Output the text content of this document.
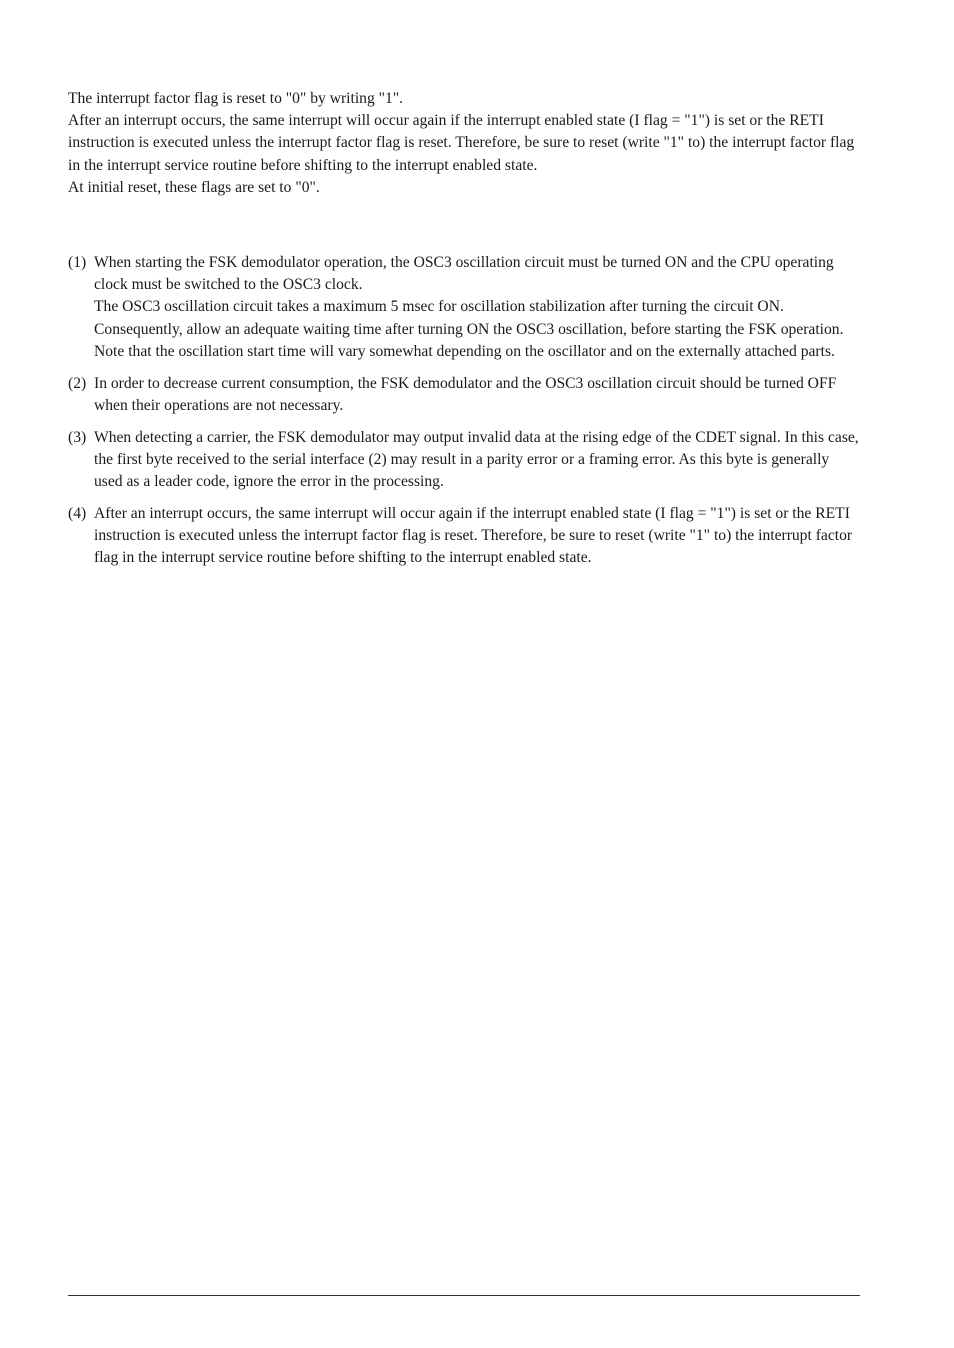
The interrupt factor flag is reset to "0" by writing "1".

After an interrupt occurs, the same interrupt will occur again if the interrupt enabled state (I flag = "1") is set or the RETI instruction is executed unless the interrupt factor flag is reset. Therefore, be sure to reset (write "1" to) the interrupt factor flag in the interrupt service routine before shifting to the interrupt enabled state.

At initial reset, these flags are set to "0".

(1) When starting the FSK demodulator operation, the OSC3 oscillation circuit must be turned ON and the CPU operating clock must be switched to the OSC3 clock.

The OSC3 oscillation circuit takes a maximum 5 msec for oscillation stabilization after turning the circuit ON. Consequently, allow an adequate waiting time after turning ON the OSC3 oscillation, before starting the FSK operation. Note that the oscillation start time will vary somewhat depending on the oscillator and on the externally attached parts.

(2) In order to decrease current consumption, the FSK demodulator and the OSC3 oscillation circuit should be turned OFF when their operations are not necessary.

(3) When detecting a carrier, the FSK demodulator may output invalid data at the rising edge of the CDET signal. In this case, the first byte received to the serial interface (2) may result in a parity error or a framing error. As this byte is generally used as a leader code, ignore the error in the processing.

(4) After an interrupt occurs, the same interrupt will occur again if the interrupt enabled state (I flag = "1") is set or the RETI instruction is executed unless the interrupt factor flag is reset. Therefore, be sure to reset (write "1" to) the interrupt factor flag in the interrupt service routine before shifting to the interrupt enabled state.
